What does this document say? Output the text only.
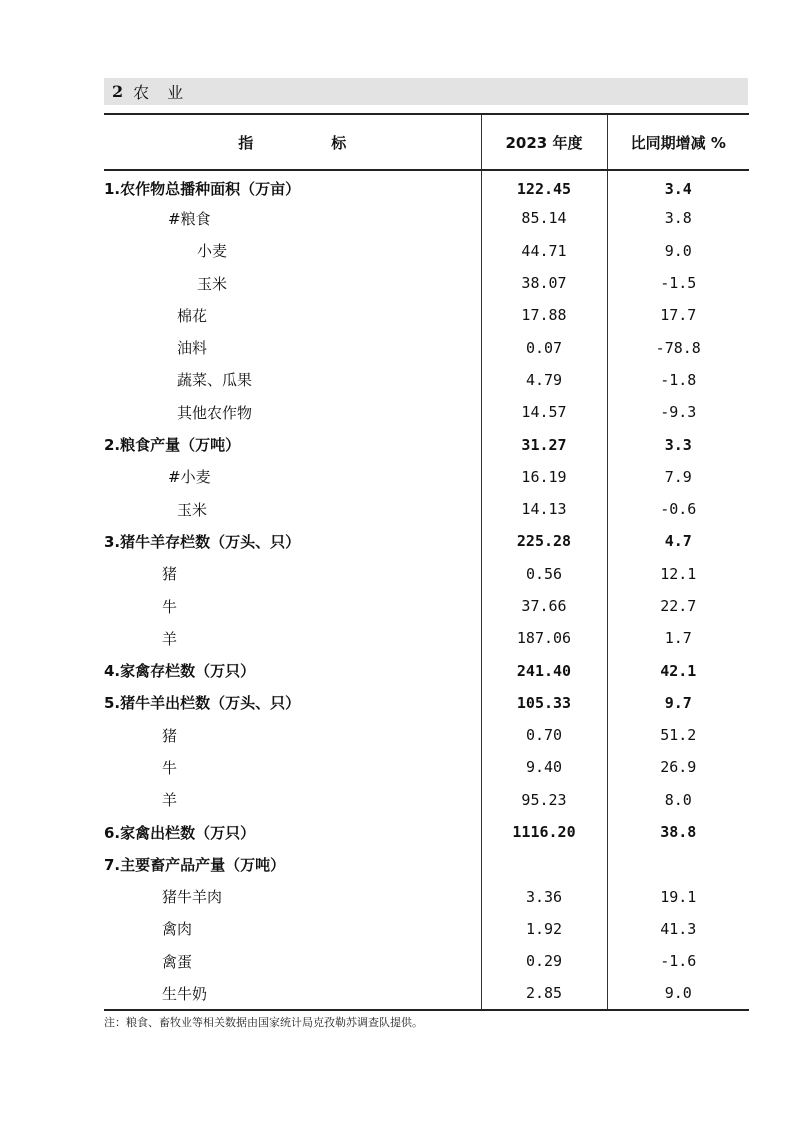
2 农业
指 标	2023 年度	比同期增减 %
1.农作物总播种面积（万亩）	122.45	3.4
#粮食	85.14	3.8
小麦	44.71	9.0
玉米	38.07	-1.5
棉花	17.88	17.7
油料	0.07	-78.8
蔬菜、瓜果	4.79	-1.8
其他农作物	14.57	-9.3
2.粮食产量（万吨）	31.27	3.3
#小麦	16.19	7.9
玉米	14.13	-0.6
3.猪牛羊存栏数（万头、只）	225.28	4.7
猪	0.56	12.1
牛	37.66	22.7
羊	187.06	1.7
4.家禽存栏数（万只）	241.40	42.1
5.猪牛羊出栏数（万头、只）	105.33	9.7
猪	0.70	51.2
牛	9.40	26.9
羊	95.23	8.0
6.家禽出栏数（万只）	1116.20	38.8
7.主要畜产品产量（万吨）		
猪牛羊肉	3.36	19.1
禽肉	1.92	41.3
禽蛋	0.29	-1.6
生牛奶	2.85	9.0
注：粮食、畜牧业等相关数据由国家统计局克孜勒苏调查队提供。
